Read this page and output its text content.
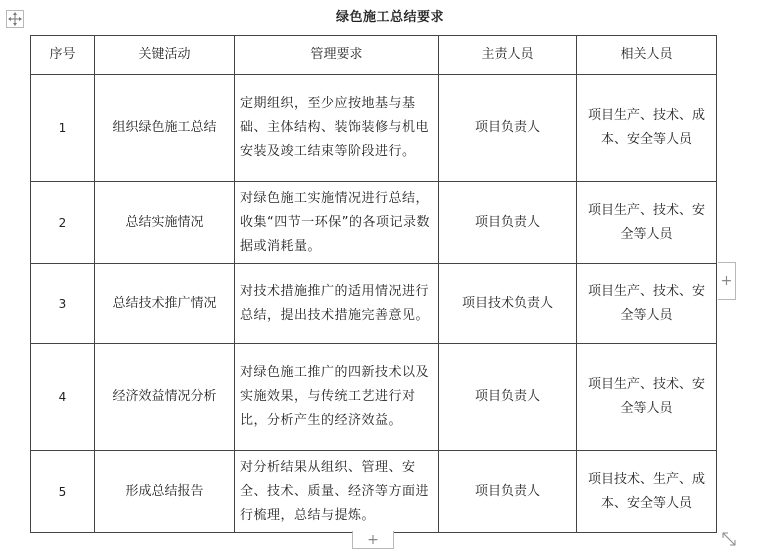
绿色施工总结要求
序号	关键活动	管理要求	主责人员	相关人员
1	组织绿色施工总结	定期组织，至少应按地基与基础、主体结构、装饰装修与机电安装及竣工结束等阶段进行。	项目负责人	项目生产、技术、成本、安全等人员
2	总结实施情况	对绿色施工实施情况进行总结，收集“四节一环保”的各项记录数据或消耗量。	项目负责人	项目生产、技术、安全等人员
3	总结技术推广情况	对技术措施推广的适用情况进行总结，提出技术措施完善意见。	项目技术负责人	项目生产、技术、安全等人员
4	经济效益情况分析	对绿色施工推广的四新技术以及实施效果，与传统工艺进行对比，分析产生的经济效益。	项目负责人	项目生产、技术、安全等人员
5	形成总结报告	对分析结果从组织、管理、安全、技术、质量、经济等方面进行梳理，总结与提炼。	项目负责人	项目技术、生产、成本、安全等人员
+
+
